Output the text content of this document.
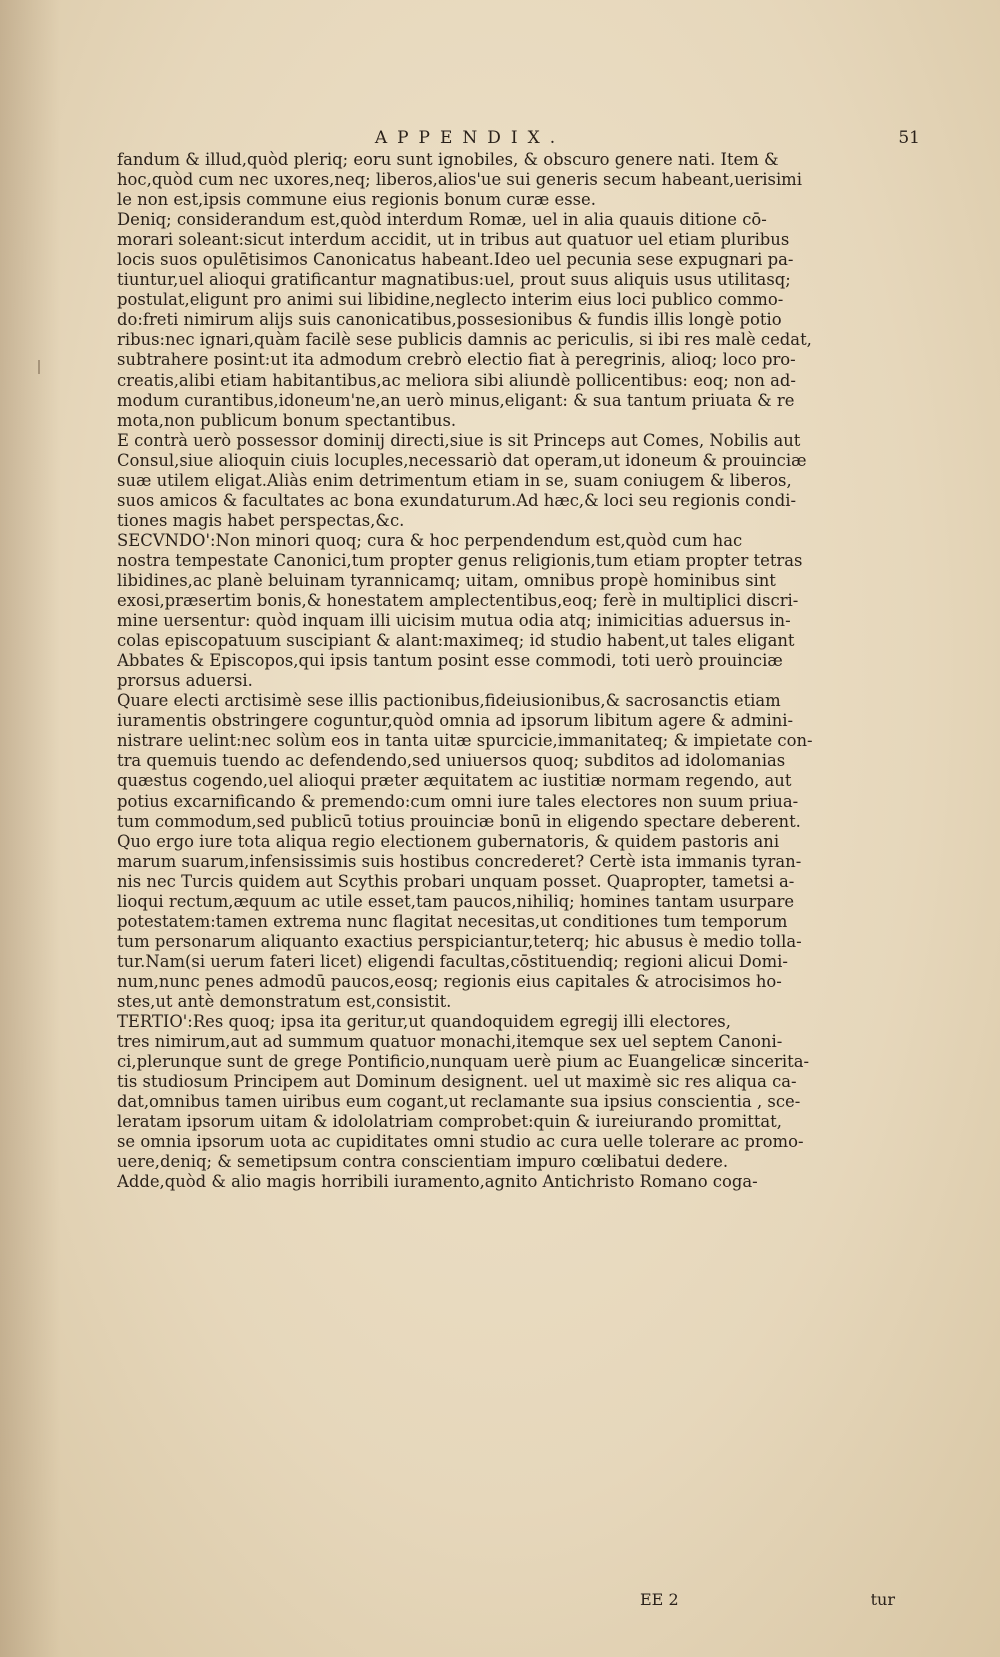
APPENDIX.	51
fandum & illud,quòd pleriq; eoru sunt ignobiles, & obscuro genere nati. Item &
hoc,quòd cum nec uxores,neq; liberos,alios'ue sui generis secum habeant,uerisimi
le non est,ipsis commune eius regionis bonum curæ esse.
Deniq; considerandum est,quòd interdum Romæ, uel in alia quauis ditione cō-
morari soleant:sicut interdum accidit, ut in tribus aut quatuor uel etiam pluribus
locis suos opulētisimos Canonicatus habeant.Ideo uel pecunia sese expugnari pa-
tiuntur,uel alioqui gratificantur magnatibus:uel, prout suus aliquis usus utilitasq;
postulat,eligunt pro animi sui libidine,neglecto interim eius loci publico commo-
do:freti nimirum alijs suis canonicatibus,possesionibus & fundis illis longè potio
ribus:nec ignari,quàm facilè sese publicis damnis ac periculis, si ibi res malè cedat,
subtrahere posint:ut ita admodum crebrò electio fiat à peregrinis, alioq; loco pro-
creatis,alibi etiam habitantibus,ac meliora sibi aliundè pollicentibus: eoq; non ad-
modum curantibus,idoneum'ne,an uerò minus,eligant: & sua tantum priuata & re
mota,non publicum bonum spectantibus.
E contrà uerò possessor dominij directi,siue is sit Princeps aut Comes, Nobilis aut
Consul,siue alioquin ciuis locuples,necessariò dat operam,ut idoneum & prouinciæ
suæ utilem eligat.Aliàs enim detrimentum etiam in se, suam coniugem & liberos,
suos amicos & facultates ac bona exundaturum.Ad hæc,& loci seu regionis condi-
tiones magis habet perspectas,&c.
SECVNDO':Non minori quoq; cura & hoc perpendendum est,quòd cum hac
nostra tempestate Canonici,tum propter genus religionis,tum etiam propter tetras
libidines,ac planè beluinam tyrannicamq; uitam, omnibus propè hominibus sint
exosi,præsertim bonis,& honestatem amplectentibus,eoq; ferè in multiplici discri-
mine uersentur: quòd inquam illi uicisim mutua odia atq; inimicitias aduersus in-
colas episcopatuum suscipiant & alant:maximeq; id studio habent,ut tales eligant
Abbates & Episcopos,qui ipsis tantum posint esse commodi, toti uerò prouinciæ
prorsus aduersi.
Quare electi arctisimè sese illis pactionibus,fideiusionibus,& sacrosanctis etiam
iuramentis obstringere coguntur,quòd omnia ad ipsorum libitum agere & admini-
nistrare uelint:nec solùm eos in tanta uitæ spurcicie,immanitateq; & impietate con-
tra quemuis tuendo ac defendendo,sed uniuersos quoq; subditos ad idolomanias
quæstus cogendo,uel alioqui præter æquitatem ac iustitiæ normam regendo, aut
potius excarnificando & premendo:cum omni iure tales electores non suum priua-
tum commodum,sed publicū totius prouinciæ bonū in eligendo spectare deberent.
Quo ergo iure tota aliqua regio electionem gubernatoris, & quidem pastoris ani
marum suarum,infensissimis suis hostibus concrederet? Certè ista immanis tyran-
nis nec Turcis quidem aut Scythis probari unquam posset. Quapropter, tametsi a-
lioqui rectum,æquum ac utile esset,tam paucos,nihiliq; homines tantam usurpare
potestatem:tamen extrema nunc flagitat necesitas,ut conditiones tum temporum
tum personarum aliquanto exactius perspiciantur,teterq; hic abusus è medio tolla-
tur.Nam(si uerum fateri licet) eligendi facultas,cōstituendiq; regioni alicui Domi-
num,nunc penes admodū paucos,eosq; regionis eius capitales & atrocisimos ho-
stes,ut antè demonstratum est,consistit.
TERTIO':Res quoq; ipsa ita geritur,ut quandoquidem egregij illi electores,
tres nimirum,aut ad summum quatuor monachi,itemque sex uel septem Canoni-
ci,plerunque sunt de grege Pontificio,nunquam uerè pium ac Euangelicæ sincerita-
tis studiosum Principem aut Dominum designent. uel ut maximè sic res aliqua ca-
dat,omnibus tamen uiribus eum cogant,ut reclamante sua ipsius conscientia , sce-
leratam ipsorum uitam & idololatriam comprobet:quin & iureiurando promittat,
se omnia ipsorum uota ac cupiditates omni studio ac cura uelle tolerare ac promo-
uere,deniq; & semetipsum contra conscientiam impuro cœlibatui dedere.
Adde,quòd & alio magis horribili iuramento,agnito Antichristo Romano coga-
EE 2	tur
